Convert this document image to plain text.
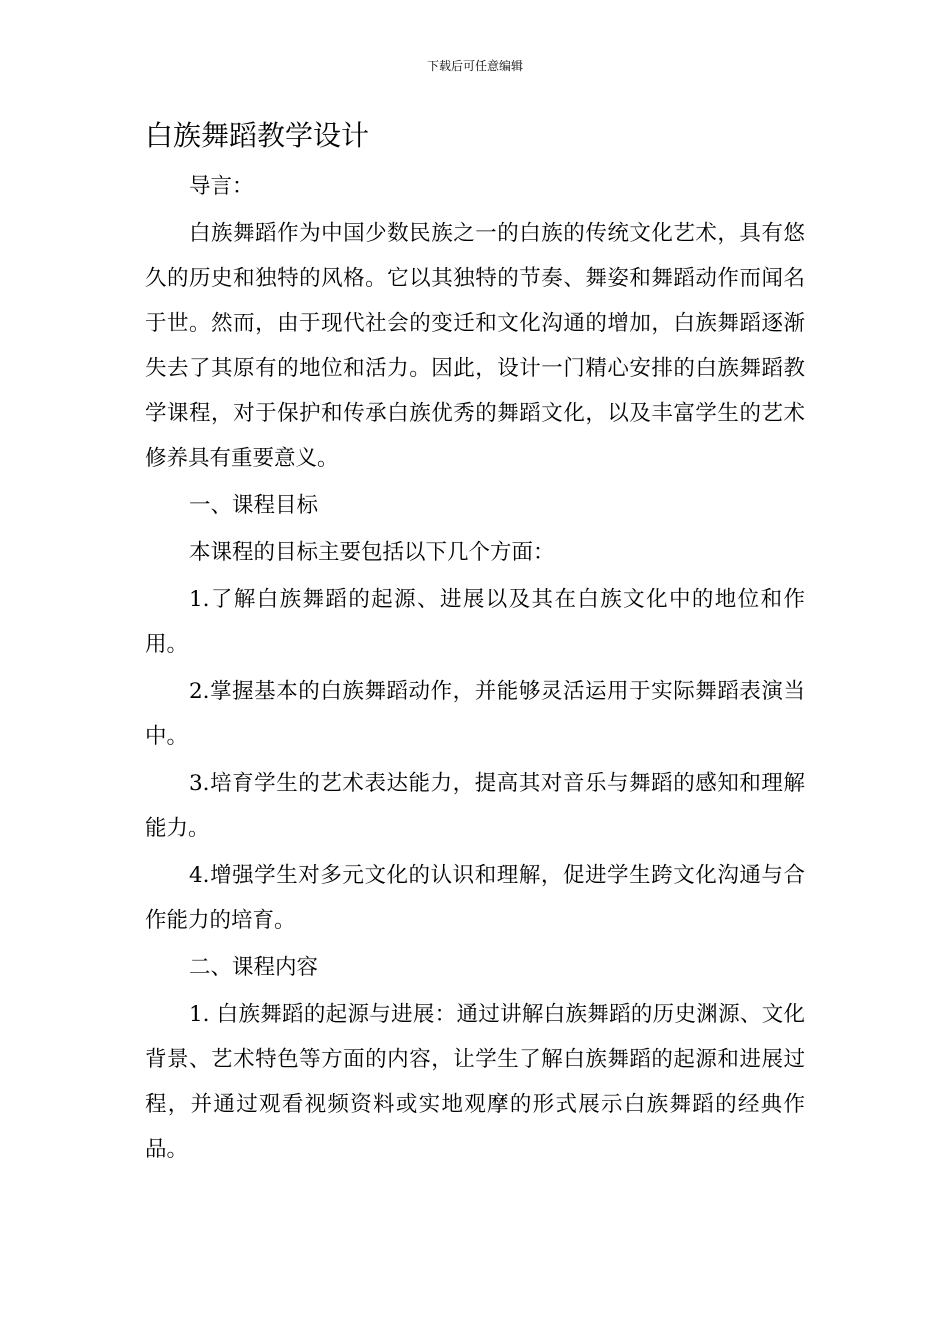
下载后可任意编辑
白族舞蹈教学设计

导言：

白族舞蹈作为中国少数民族之一的白族的传统文化艺术，具有悠久的历史和独特的风格。它以其独特的节奏、舞姿和舞蹈动作而闻名于世。然而，由于现代社会的变迁和文化沟通的增加，白族舞蹈逐渐失去了其原有的地位和活力。因此，设计一门精心安排的白族舞蹈教学课程，对于保护和传承白族优秀的舞蹈文化，以及丰富学生的艺术修养具有重要意义。

一、课程目标

本课程的目标主要包括以下几个方面：

1.了解白族舞蹈的起源、进展以及其在白族文化中的地位和作用。

2.掌握基本的白族舞蹈动作，并能够灵活运用于实际舞蹈表演当中。

3.培育学生的艺术表达能力，提高其对音乐与舞蹈的感知和理解能力。

4.增强学生对多元文化的认识和理解，促进学生跨文化沟通与合作能力的培育。

二、课程内容

1. 白族舞蹈的起源与进展：通过讲解白族舞蹈的历史渊源、文化背景、艺术特色等方面的内容，让学生了解白族舞蹈的起源和进展过程，并通过观看视频资料或实地观摩的形式展示白族舞蹈的经典作品。
